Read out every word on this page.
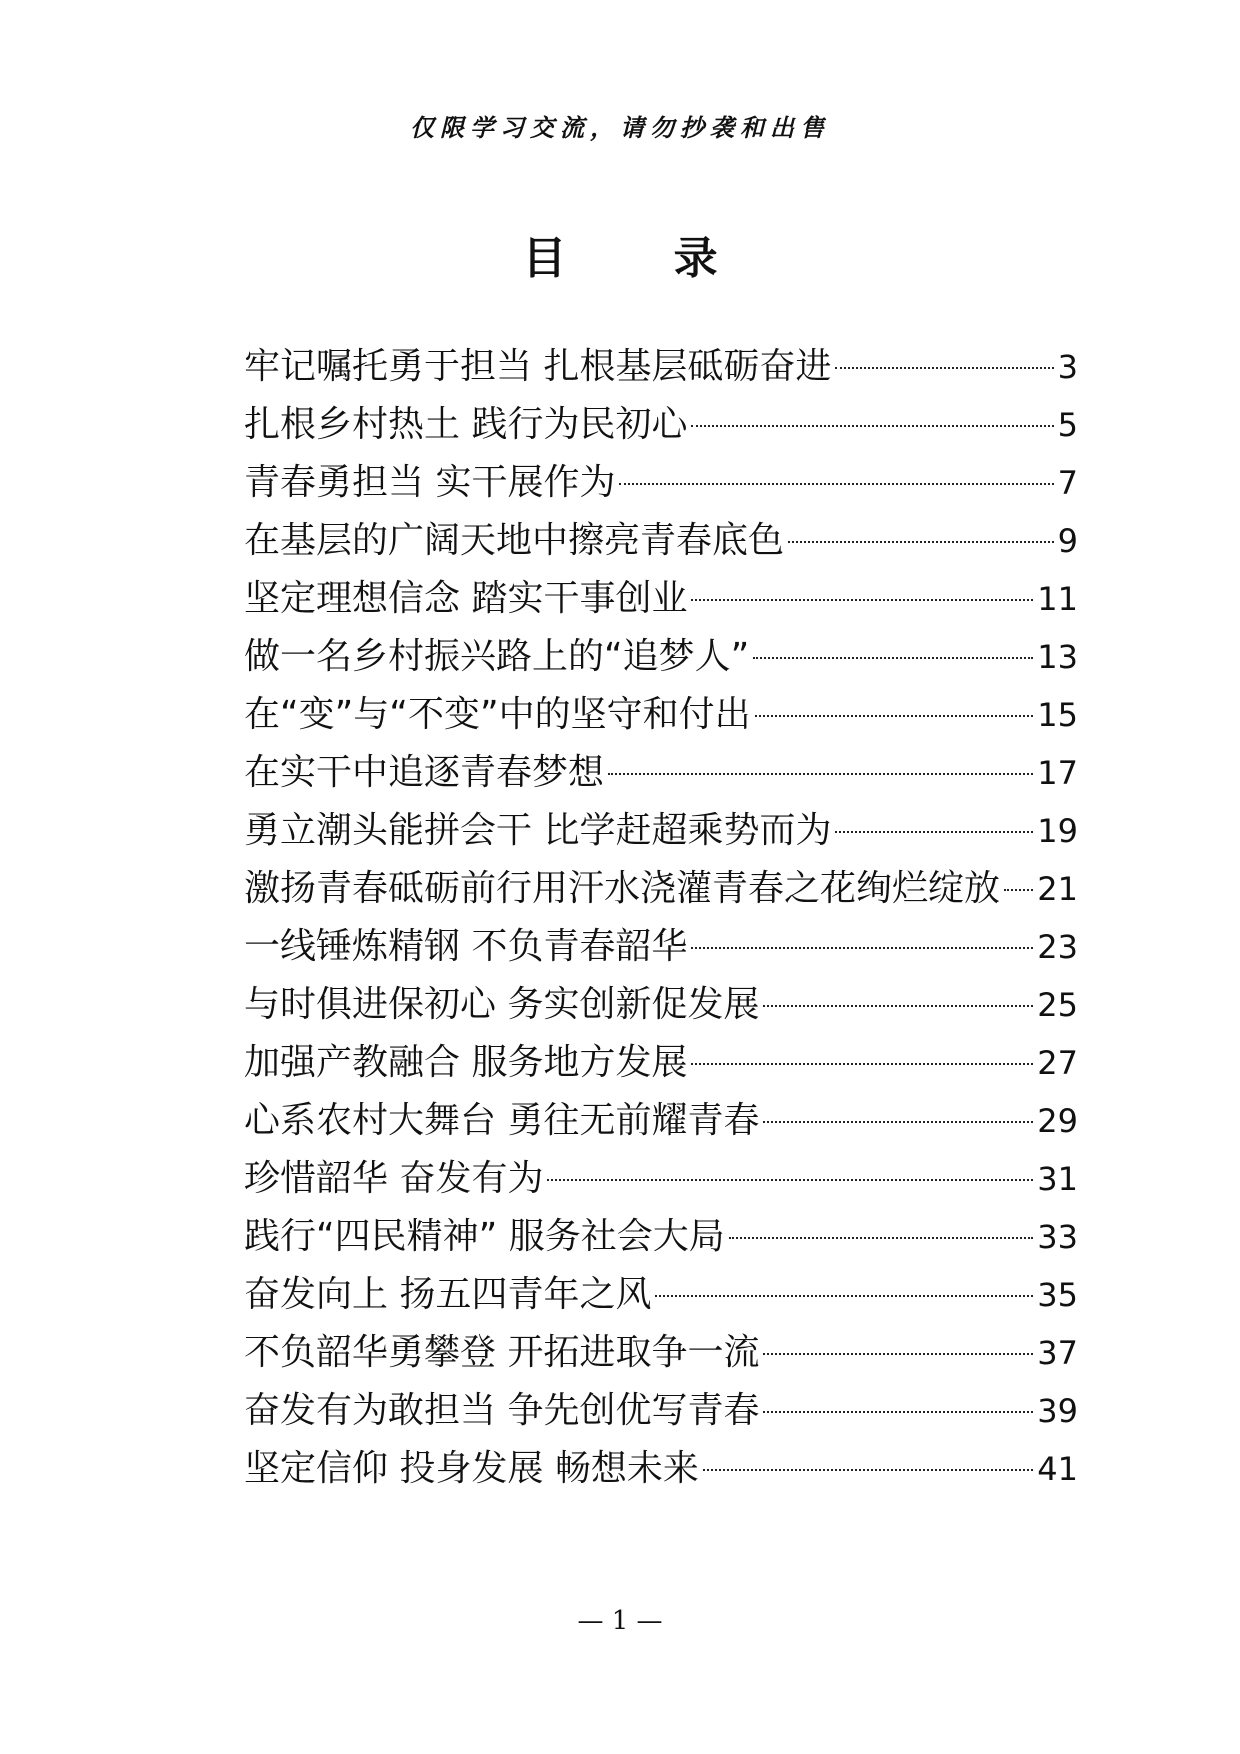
仅限学习交流，请勿抄袭和出售
目 录
牢记嘱托勇于担当 扎根基层砥砺奋进	3
扎根乡村热土 践行为民初心	5
青春勇担当 实干展作为	7
在基层的广阔天地中擦亮青春底色	9
坚定理想信念 踏实干事创业	11
做一名乡村振兴路上的“追梦人”	13
在“变”与“不变”中的坚守和付出	15
在实干中追逐青春梦想	17
勇立潮头能拼会干 比学赶超乘势而为	19
激扬青春砥砺前行用汗水浇灌青春之花绚烂绽放 21
一线锤炼精钢 不负青春韶华	23
与时俱进保初心 务实创新促发展	25
加强产教融合 服务地方发展	27
心系农村大舞台 勇往无前耀青春	29
珍惜韶华 奋发有为	31
践行“四民精神” 服务社会大局	33
奋发向上 扬五四青年之风	35
不负韶华勇攀登 开拓进取争一流	37
奋发有为敢担当 争先创优写青春	39
坚定信仰 投身发展 畅想未来	41
— 1 —
